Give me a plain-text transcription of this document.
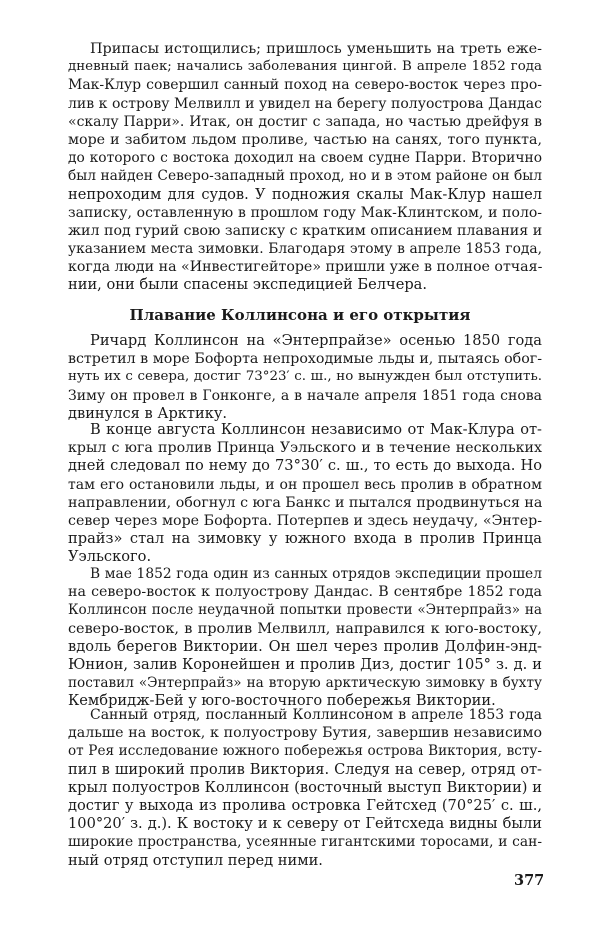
Припасы истощились; пришлось уменьшить на треть еже-
дневный паек; начались заболевания цингой. В апреле 1852 года
Мак-Клур совершил санный поход на северо-восток через про-
лив к острову Мелвилл и увидел на берегу полуострова Дандас
«скалу Парри». Итак, он достиг с запада, но частью дрейфуя в
море и забитом льдом проливе, частью на санях, того пункта,
до которого с востока доходил на своем судне Парри. Вторично
был найден Северо-западный проход, но и в этом районе он был
непроходим для судов. У подножия скалы Мак-Клур нашел
записку, оставленную в прошлом году Мак-Клинтском, и поло-
жил под гурий свою записку с кратким описанием плавания и
указанием места зимовки. Благодаря этому в апреле 1853 года,
когда люди на «Инвестигейторе» пришли уже в полное отчая-
нии, они были спасены экспедицией Белчера.
Плавание Коллинсона и его открытия
Ричард Коллинсон на «Энтерпрайзе» осенью 1850 года
встретил в море Бофорта непроходимые льды и, пытаясь обог-
нуть их с севера, достиг 73°23′ с. ш., но вынужден был отступить.
Зиму он провел в Гонконге, а в начале апреля 1851 года снова
двинулся в Арктику.
В конце августа Коллинсон независимо от Мак-Клура от-
крыл с юга пролив Принца Уэльского и в течение нескольких
дней следовал по нему до 73°30′ с. ш., то есть до выхода. Но
там его остановили льды, и он прошел весь пролив в обратном
направлении, обогнул с юга Банкс и пытался продвинуться на
север через море Бофорта. Потерпев и здесь неудачу, «Энтер-
прайз» стал на зимовку у южного входа в пролив Принца
Уэльского.
В мае 1852 года один из санных отрядов экспедиции прошел
на северо-восток к полуострову Дандас. В сентябре 1852 года
Коллинсон после неудачной попытки провести «Энтерпрайз» на
северо-восток, в пролив Мелвилл, направился к юго-востоку,
вдоль берегов Виктории. Он шел через пролив Долфин-энд-
Юнион, залив Коронейшен и пролив Диз, достиг 105° з. д. и
поставил «Энтерпрайз» на вторую арктическую зимовку в бухту
Кембридж-Бей у юго-восточного побережья Виктории.
Санный отряд, посланный Коллинсоном в апреле 1853 года
дальше на восток, к полуострову Бутия, завершив независимо
от Рея исследование южного побережья острова Виктория, всту-
пил в широкий пролив Виктория. Следуя на север, отряд от-
крыл полуостров Коллинсон (восточный выступ Виктории) и
достиг у выхода из пролива островка Гейтсхед (70°25′ с. ш.,
100°20′ з. д.). К востоку и к северу от Гейтсхеда видны были
широкие пространства, усеянные гигантскими торосами, и сан-
ный отряд отступил перед ними.
377
